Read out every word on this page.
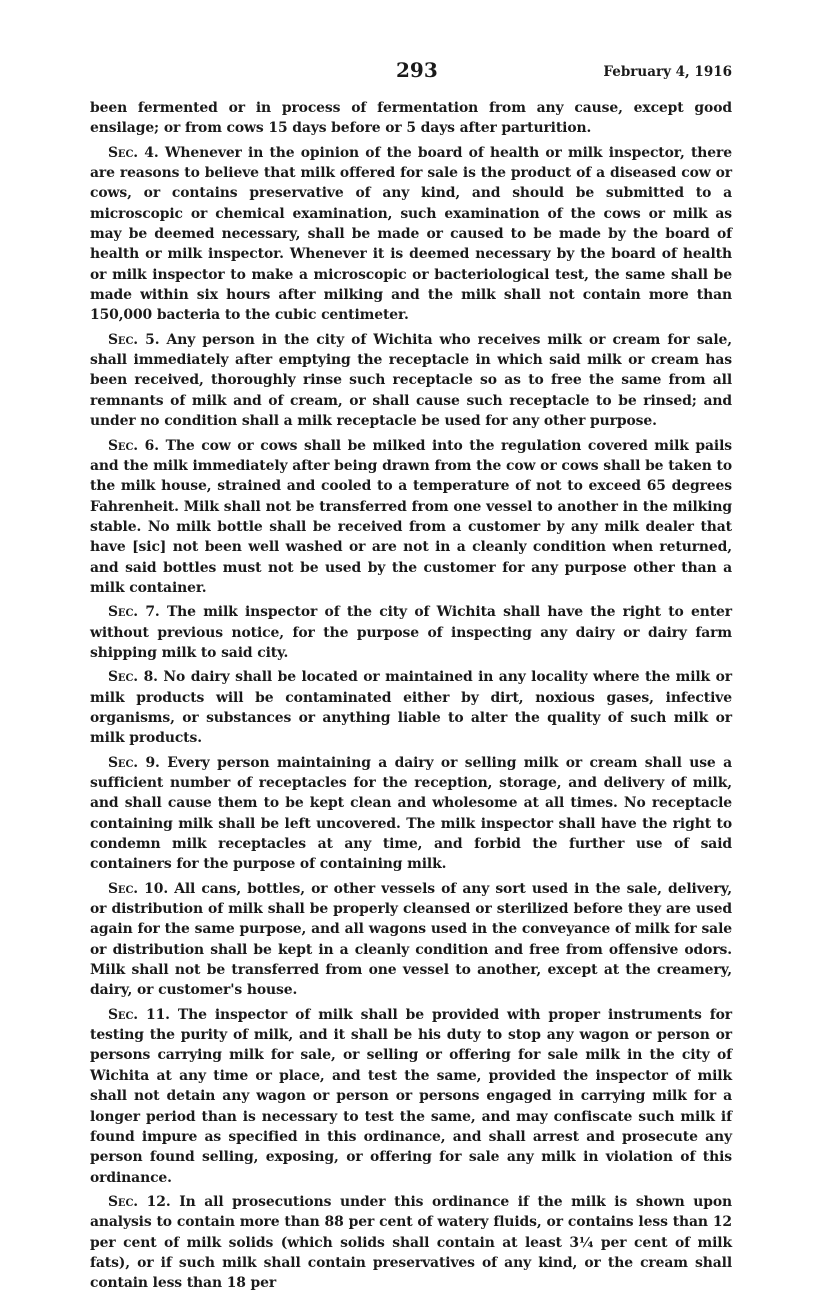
293	February 4, 1916

been fermented or in process of fermentation from any cause, except good ensilage; or from cows 15 days before or 5 days after parturition.

Sec. 4. Whenever in the opinion of the board of health or milk inspector, there are reasons to believe that milk offered for sale is the product of a diseased cow or cows, or contains preservative of any kind, and should be submitted to a microscopic or chemical examination, such examination of the cows or milk as may be deemed necessary, shall be made or caused to be made by the board of health or milk inspector. Whenever it is deemed necessary by the board of health or milk inspector to make a microscopic or bacteriological test, the same shall be made within six hours after milking and the milk shall not contain more than 150,000 bacteria to the cubic centimeter.

Sec. 5. Any person in the city of Wichita who receives milk or cream for sale, shall immediately after emptying the receptacle in which said milk or cream has been received, thoroughly rinse such receptacle so as to free the same from all remnants of milk and of cream, or shall cause such receptacle to be rinsed; and under no condition shall a milk receptacle be used for any other purpose.

Sec. 6. The cow or cows shall be milked into the regulation covered milk pails and the milk immediately after being drawn from the cow or cows shall be taken to the milk house, strained and cooled to a temperature of not to exceed 65 degrees Fahrenheit. Milk shall not be transferred from one vessel to another in the milking stable. No milk bottle shall be received from a customer by any milk dealer that have [sic] not been well washed or are not in a cleanly condition when returned, and said bottles must not be used by the customer for any purpose other than a milk container.

Sec. 7. The milk inspector of the city of Wichita shall have the right to enter without previous notice, for the purpose of inspecting any dairy or dairy farm shipping milk to said city.

Sec. 8. No dairy shall be located or maintained in any locality where the milk or milk products will be contaminated either by dirt, noxious gases, infective organisms, or substances or anything liable to alter the quality of such milk or milk products.

Sec. 9. Every person maintaining a dairy or selling milk or cream shall use a sufficient number of receptacles for the reception, storage, and delivery of milk, and shall cause them to be kept clean and wholesome at all times. No receptacle containing milk shall be left uncovered. The milk inspector shall have the right to condemn milk receptacles at any time, and forbid the further use of said containers for the purpose of containing milk.

Sec. 10. All cans, bottles, or other vessels of any sort used in the sale, delivery, or distribution of milk shall be properly cleansed or sterilized before they are used again for the same purpose, and all wagons used in the conveyance of milk for sale or distribution shall be kept in a cleanly condition and free from offensive odors. Milk shall not be transferred from one vessel to another, except at the creamery, dairy, or customer's house.

Sec. 11. The inspector of milk shall be provided with proper instruments for testing the purity of milk, and it shall be his duty to stop any wagon or person or persons carrying milk for sale, or selling or offering for sale milk in the city of Wichita at any time or place, and test the same, provided the inspector of milk shall not detain any wagon or person or persons engaged in carrying milk for a longer period than is necessary to test the same, and may confiscate such milk if found impure as specified in this ordinance, and shall arrest and prosecute any person found selling, exposing, or offering for sale any milk in violation of this ordinance.

Sec. 12. In all prosecutions under this ordinance if the milk is shown upon analysis to contain more than 88 per cent of watery fluids, or contains less than 12 per cent of milk solids (which solids shall contain at least 3¼ per cent of milk fats), or if such milk shall contain preservatives of any kind, or the cream shall contain less than 18 per
